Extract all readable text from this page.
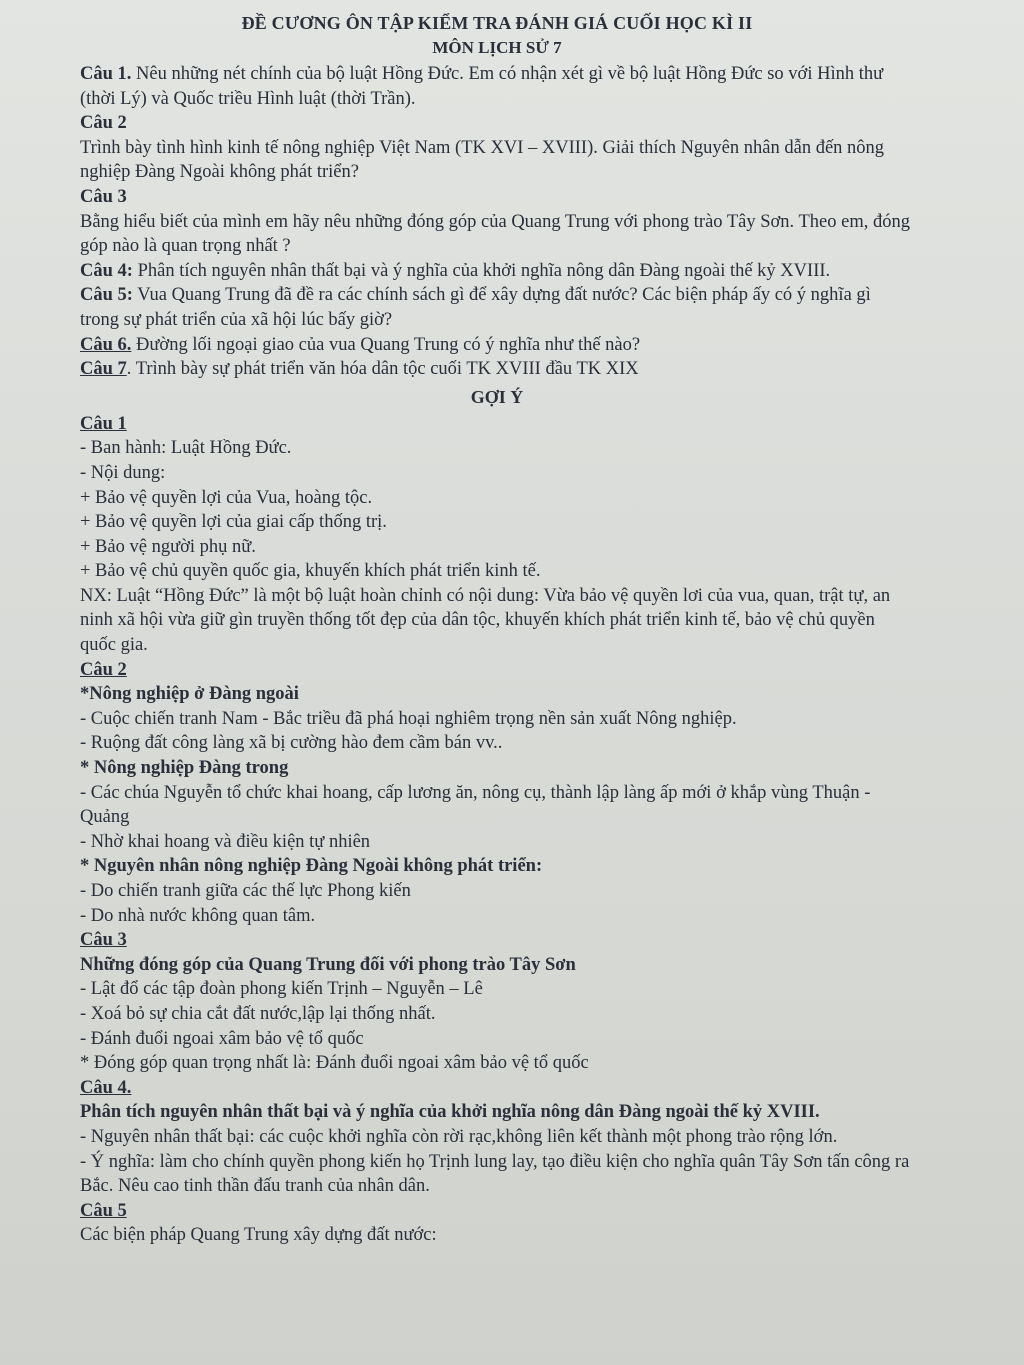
ĐỀ CƯƠNG ÔN TẬP KIỂM TRA ĐÁNH GIÁ CUỐI HỌC KÌ II
MÔN LỊCH SỬ 7

Câu 1. Nêu những nét chính của bộ luật Hồng Đức. Em có nhận xét gì về bộ luật Hồng Đức so với Hình thư (thời Lý) và Quốc triều Hình luật (thời Trần).

Câu 2

Trình bày tình hình kinh tế nông nghiệp Việt Nam (TK XVI – XVIII). Giải thích Nguyên nhân dẫn đến nông nghiệp Đàng Ngoài không phát triển?

Câu 3

Bằng hiểu biết của mình em hãy nêu những đóng góp của Quang Trung với phong trào Tây Sơn. Theo em, đóng góp nào là quan trọng nhất ?

Câu 4: Phân tích nguyên nhân thất bại và ý nghĩa của khởi nghĩa nông dân Đàng ngoài thế kỷ XVIII.

Câu 5: Vua Quang Trung đã đề ra các chính sách gì để xây dựng đất nước? Các biện pháp ấy có ý nghĩa gì trong sự phát triển của xã hội lúc bấy giờ?

Câu 6. Đường lối ngoại giao của vua Quang Trung có ý nghĩa như thế nào?

Câu 7. Trình bày sự phát triển văn hóa dân tộc cuối TK XVIII đầu TK XIX

GỢI Ý

Câu 1

- Ban hành: Luật Hồng Đức.

- Nội dung:

+ Bảo vệ quyền lợi của Vua, hoàng tộc.

+ Bảo vệ quyền lợi của giai cấp thống trị.

+ Bảo vệ người phụ nữ.

+ Bảo vệ chủ quyền quốc gia, khuyến khích phát triển kinh tế.

NX: Luật “Hồng Đức” là một bộ luật hoàn chỉnh có nội dung: Vừa bảo vệ quyền lơi của vua, quan, trật tự, an ninh xã hội vừa giữ gìn truyền thống tốt đẹp của dân tộc, khuyến khích phát triển kinh tế, bảo vệ chủ quyền quốc gia.

Câu 2

*Nông nghiệp ở Đàng ngoài

- Cuộc chiến tranh Nam - Bắc triều đã phá hoại nghiêm trọng nền sản xuất Nông nghiệp.

- Ruộng đất công làng xã bị cường hào đem cầm bán vv..

* Nông nghiệp Đàng trong

- Các chúa Nguyễn tổ chức khai hoang, cấp lương ăn, nông cụ, thành lập làng ấp mới ở khắp vùng Thuận - Quảng

- Nhờ khai hoang và điều kiện tự nhiên

* Nguyên nhân nông nghiệp Đàng Ngoài không phát triển:

- Do chiến tranh giữa các thế lực Phong kiến

- Do nhà nước không quan tâm.

Câu 3

Những đóng góp của Quang Trung đối với phong trào Tây Sơn

- Lật đổ các tập đoàn phong kiến Trịnh – Nguyễn – Lê

- Xoá bỏ sự chia cắt đất nước,lập lại thống nhất.

- Đánh đuổi ngoai xâm bảo vệ tổ quốc

* Đóng góp quan trọng nhất là: Đánh đuổi ngoai xâm bảo vệ tổ quốc

Câu 4.

Phân tích nguyên nhân thất bại và ý nghĩa của khởi nghĩa nông dân Đàng ngoài thế kỷ XVIII.

- Nguyên nhân thất bại: các cuộc khởi nghĩa còn rời rạc,không liên kết thành một phong trào rộng lớn.

- Ý nghĩa: làm cho chính quyền phong kiến họ Trịnh lung lay, tạo điều kiện cho nghĩa quân Tây Sơn tấn công ra Bắc. Nêu cao tinh thần đấu tranh của nhân dân.

Câu 5

Các biện pháp Quang Trung xây dựng đất nước:
